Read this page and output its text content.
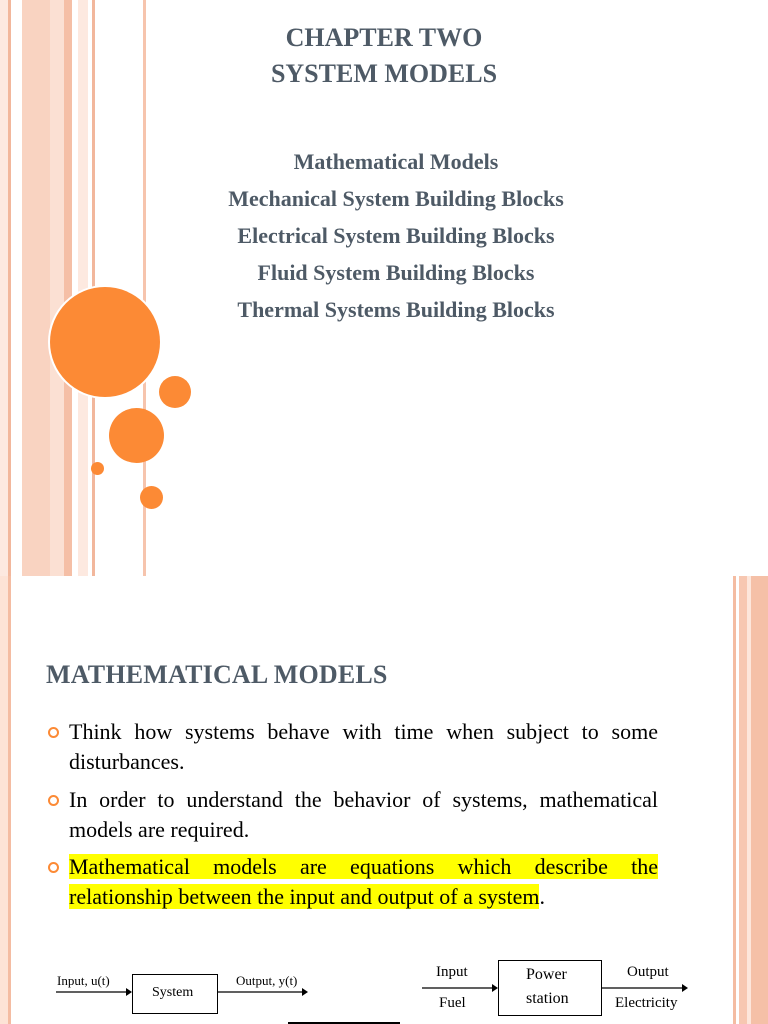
CHAPTER TWO
SYSTEM MODELS
Mathematical Models
Mechanical System Building Blocks
Electrical System Building Blocks
Fluid System Building Blocks
Thermal Systems Building Blocks
MATHEMATICAL MODELS
Think how systems behave with time when subject to some disturbances.
In order to understand the behavior of systems, mathematical models are required.
Mathematical models are equations which describe the relationship between the input and output of a system.
Input, u(t)
System
Output, y(t)
Input
Fuel
Power
station
Output
Electricity
